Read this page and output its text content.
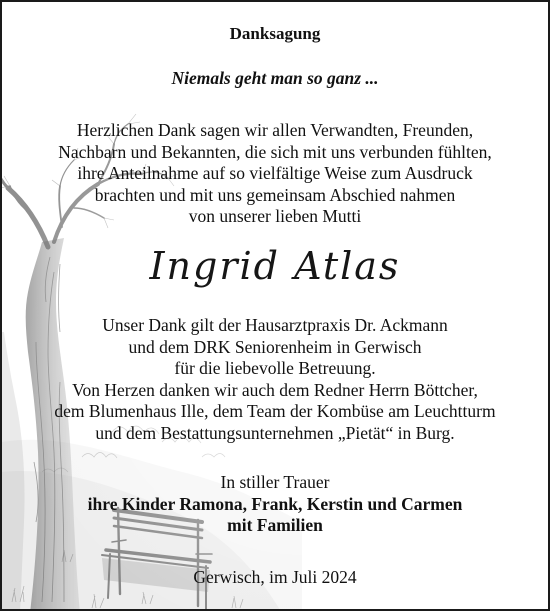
Danksagung
Niemals geht man so ganz ...
Herzlichen Dank sagen wir allen Verwandten, Freunden,
Nachbarn und Bekannten, die sich mit uns verbunden fühlten,
ihre Anteilnahme auf so vielfältige Weise zum Ausdruck
brachten und mit uns gemeinsam Abschied nahmen
von unserer lieben Mutti
Ingrid Atlas
Unser Dank gilt der Hausarztpraxis Dr. Ackmann
und dem DRK Seniorenheim in Gerwisch
für die liebevolle Betreuung.
Von Herzen danken wir auch dem Redner Herrn Böttcher,
dem Blumenhaus Ille, dem Team der Kombüse am Leuchtturm
und dem Bestattungsunternehmen „Pietät“ in Burg.
In stiller Trauer
ihre Kinder Ramona, Frank, Kerstin und Carmen
mit Familien
Gerwisch, im Juli 2024
